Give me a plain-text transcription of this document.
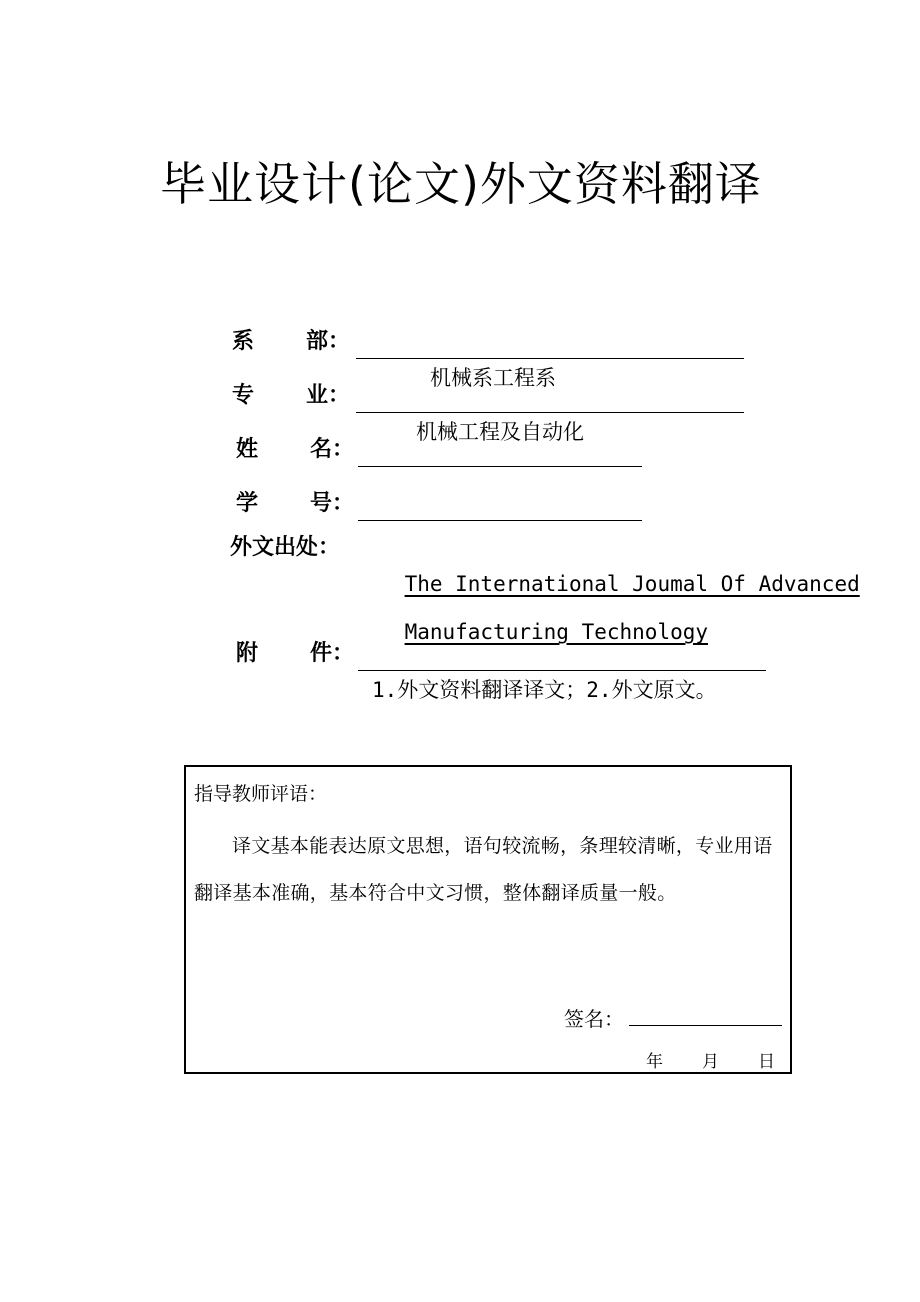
毕业设计(论文)外文资料翻译
系 部：

机械系工程系

专 业：

机械工程及自动化

姓 名：

学 号：

外文出处：

The International Joumal Of Advanced

Manufacturing Technology

附 件：

1.外文资料翻译译文；2.外文原文。

指导教师评语：
译文基本能表达原文思想，语句较流畅，条理较清晰，专业用语翻译基本准确，基本符合中文习惯，整体翻译质量一般。
签名：
年 月 日
